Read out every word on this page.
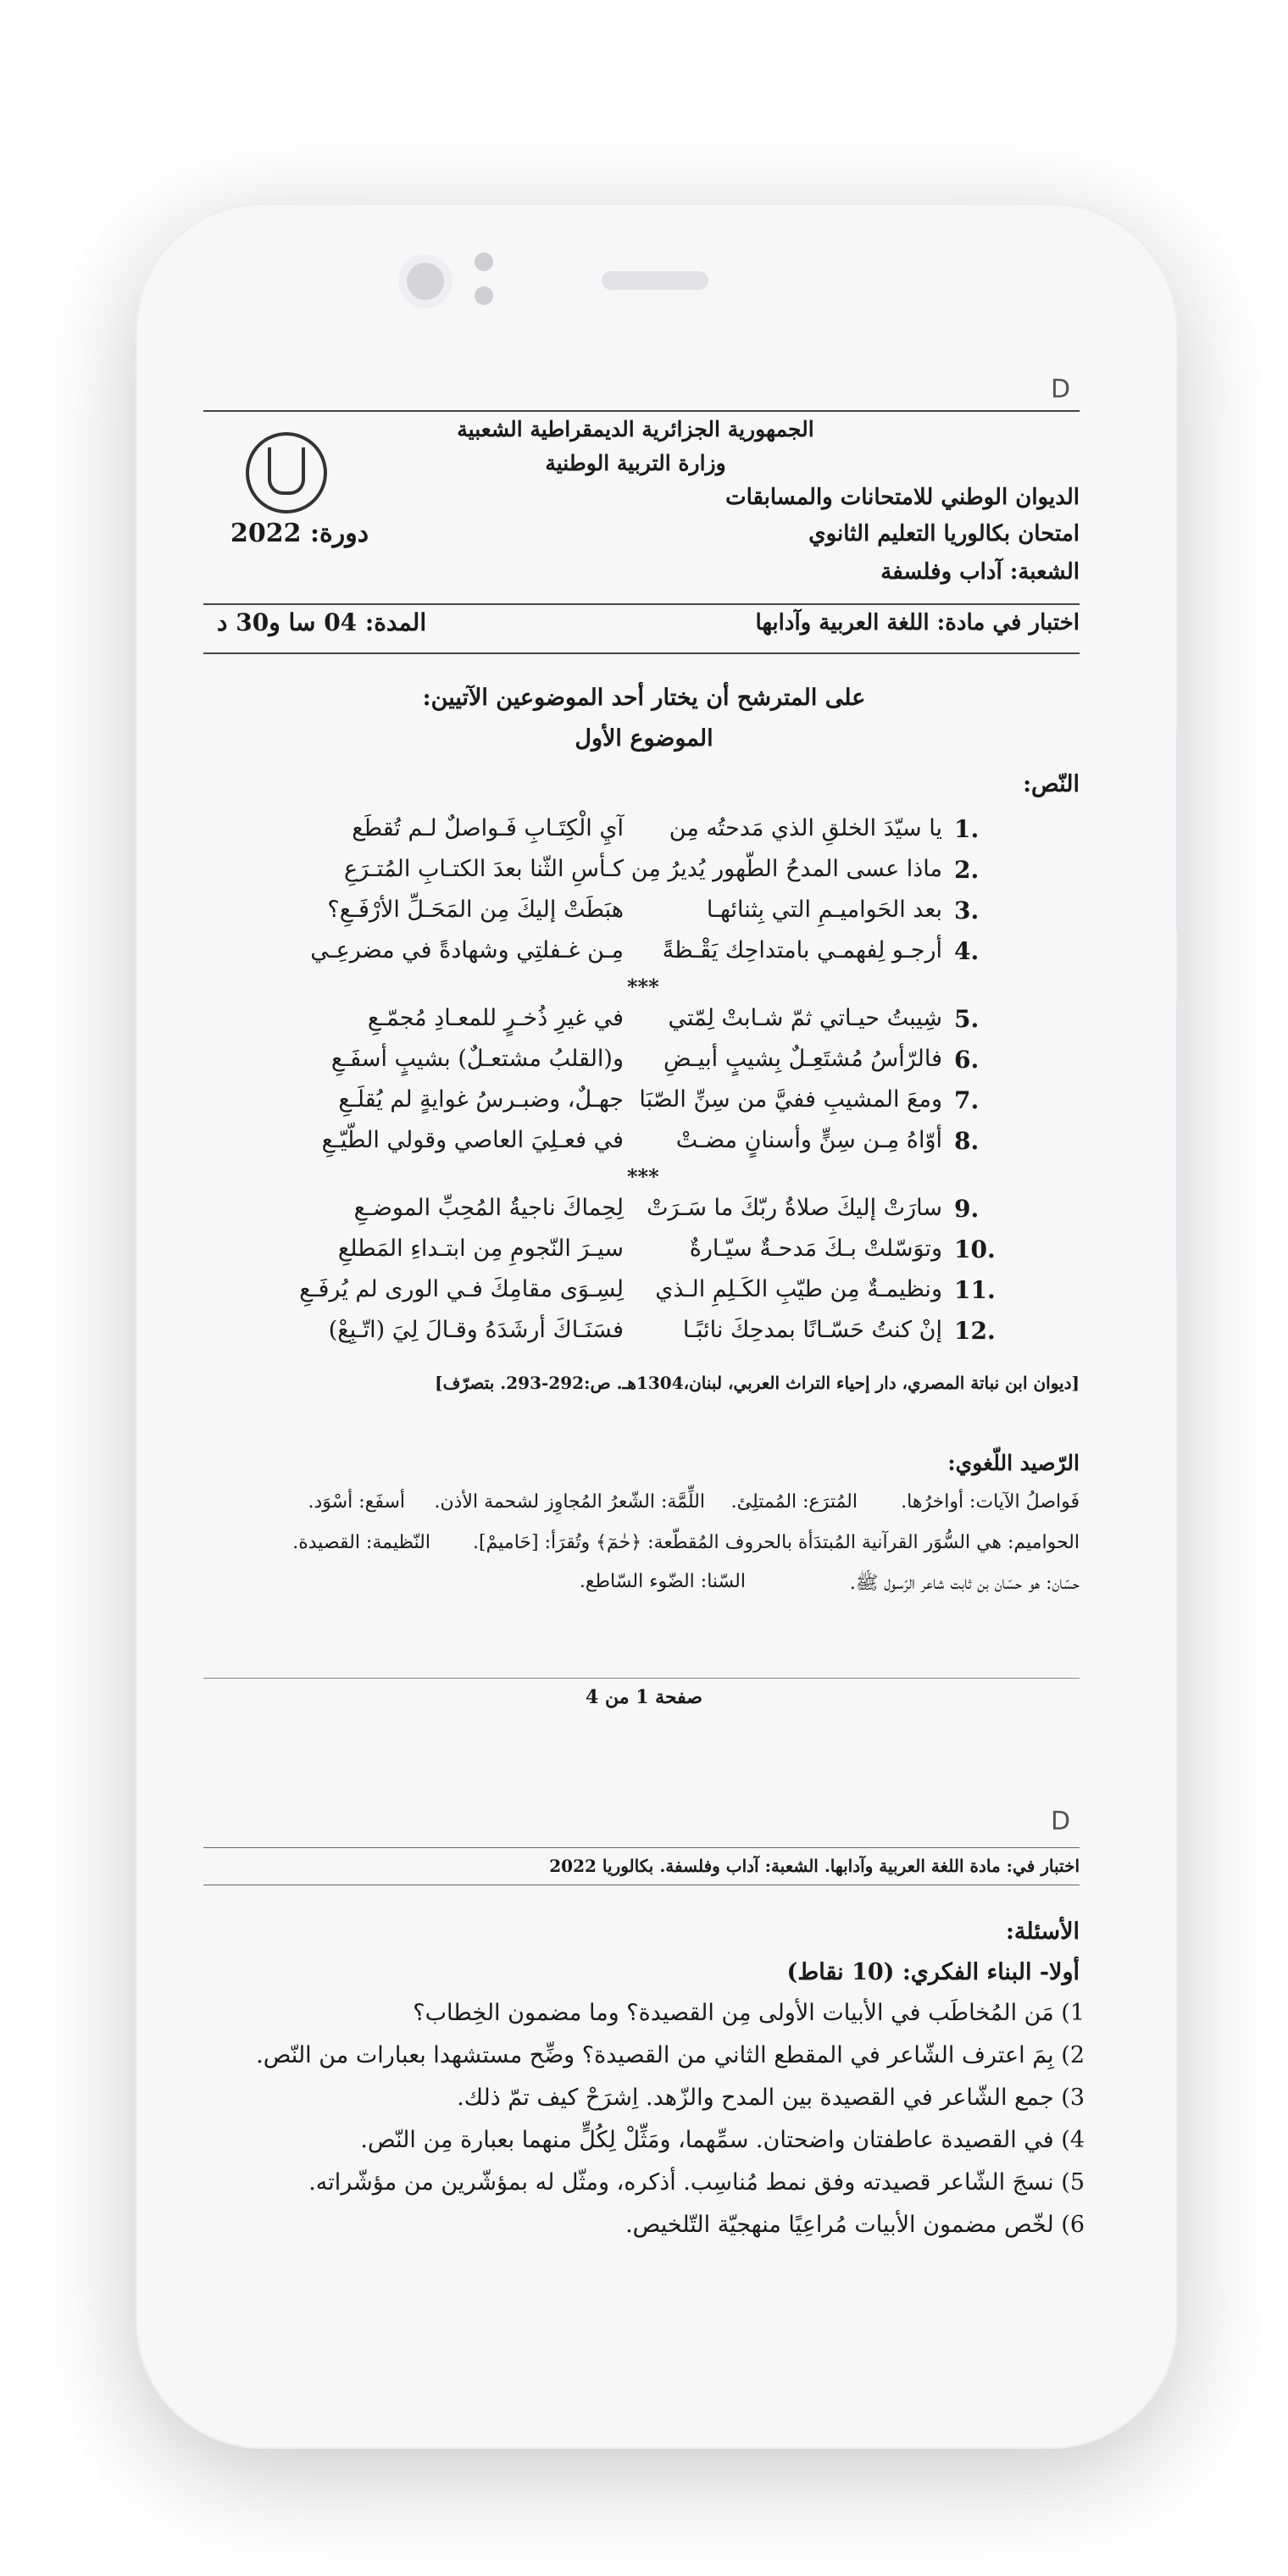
D
الجمهورية الجزائرية الديمقراطية الشعبية
وزارة التربية الوطنية
الديوان الوطني للامتحانات والمسابقات
امتحان بكالوريا التعليم الثانوي
دورة: 2022
الشعبة: آداب وفلسفة
اختبار في مادة: اللغة العربية وآدابها
المدة: 04 سا و30 د
على المترشح أن يختار أحد الموضوعين الآتيين:
الموضوع الأول
النّص:
1.
يا سيّدَ الخلقِ الذي مَدحتُه مِن
آيِ الْكِتَـابِ فَـواصلٌ لـم تُقطَع
2.
ماذا عسى المدحُ الطّهور يُديرُ مِن
كـأسِ الثّنا بعدَ الكتـابِ المُتـرَعِ
3.
بعد الحَواميـمِ التي بِثنائهـا
هبَطَتْ إليكَ مِن المَحَـلِّ الأرْفَـعِ؟
4.
أرجـو لِفهمـي بامتداحِك يَقْـظةً
مِـن غـفلتِي وشهادةً في مضرعِـي
5.
شِيبتُ حيـاتي ثمّ شـابتْ لِمّتي
في غيرِ ذُخـرٍ للمعـادِ مُجمّـعِ
6.
فالرّأسُ مُشتَعِـلٌ بِشيبٍ أبيـضِ
و(القلبُ مشتعـلٌ) بشيبٍ أسفَـعِ
7.
ومعَ المشيبِ ففيَّ من سِنِّ الصّبَا
جهـلٌ، وضبـرسُ غوايةٍ لم يُقلَـعِ
8.
أوّاهُ مِـن سِنٍّ وأسنانٍ مضـتْ
في فعـلِيَ العاصي وقولي الطّيّـعِ
9.
سارَتْ إليكَ صلاةُ ربّكَ ما سَـرَتْ
لِحِماكَ ناجيةُ المُحِبِّ الموضـعِ
10.
وتوَسّلتْ بـكَ مَدحـةٌ سيّـارةٌ
سيـرَ النّجومِ مِن ابتـداءِ المَطلعِ
11.
ونظيمـةٌ مِن طيّبِ الكَـلِمِ الـذي
لِسِـوَى مقامِكَ فـي الورى لم يُرفَـعِ
12.
إنْ كنتُ حَسّـانًا بمدحِكَ نائبًـا
فسَنَـاكَ أرشَدَهُ وقـالَ لِيَ (اتّـبِعْ)
***
***
[ديوان ابن نباتة المصري، دار إحياء التراث العربي، لبنان،1304هـ. ص:292-293. بتصرّف]
الرّصيد اللّغوي:
فَواصلُ الآيات: أواخرُها.
المُترَع: المُمتلِئ.
اللِّمَّة: الشّعرُ المُجاوِز لشحمة الأذن.
أسفَع: أسْوَد.
الحواميم: هي السُّوَر القرآنية المُبتدَأة بالحروف المُقطّعة: ﴿حٰمٓ﴾ وتُقرَأ: [حَاميمْ].
النّظيمة: القصيدة.
حسّان: هو حسّان بن ثابت شاعر الرّسول ﷺ.
السّنا: الضّوء السّاطع.
صفحة 1 من 4
D
اختبار في: مادة اللغة العربية وآدابها. الشعبة: آداب وفلسفة. بكالوريا 2022
الأسئلة:
أولا- البناء الفكري: (10 نقاط)
1) مَن المُخاطَب في الأبيات الأولى مِن القصيدة؟ وما مضمون الخِطاب؟
2) بِمَ اعترف الشّاعر في المقطع الثاني من القصيدة؟ وضِّح مستشهدا بعبارات من النّص.
3) جمع الشّاعر في القصيدة بين المدح والزّهد. اِشرَحْ كيف تمّ ذلك.
4) في القصيدة عاطفتان واضحتان. سمِّهما، ومَثِّلْ لِكُلٍّ منهما بعبارة مِن النّص.
5) نسجَ الشّاعر قصيدته وفق نمط مُناسِب. أذكره، ومثّل له بمؤشّرين من مؤشّراته.
6) لخّص مضمون الأبيات مُراعِيًا منهجيّة التّلخيص.
